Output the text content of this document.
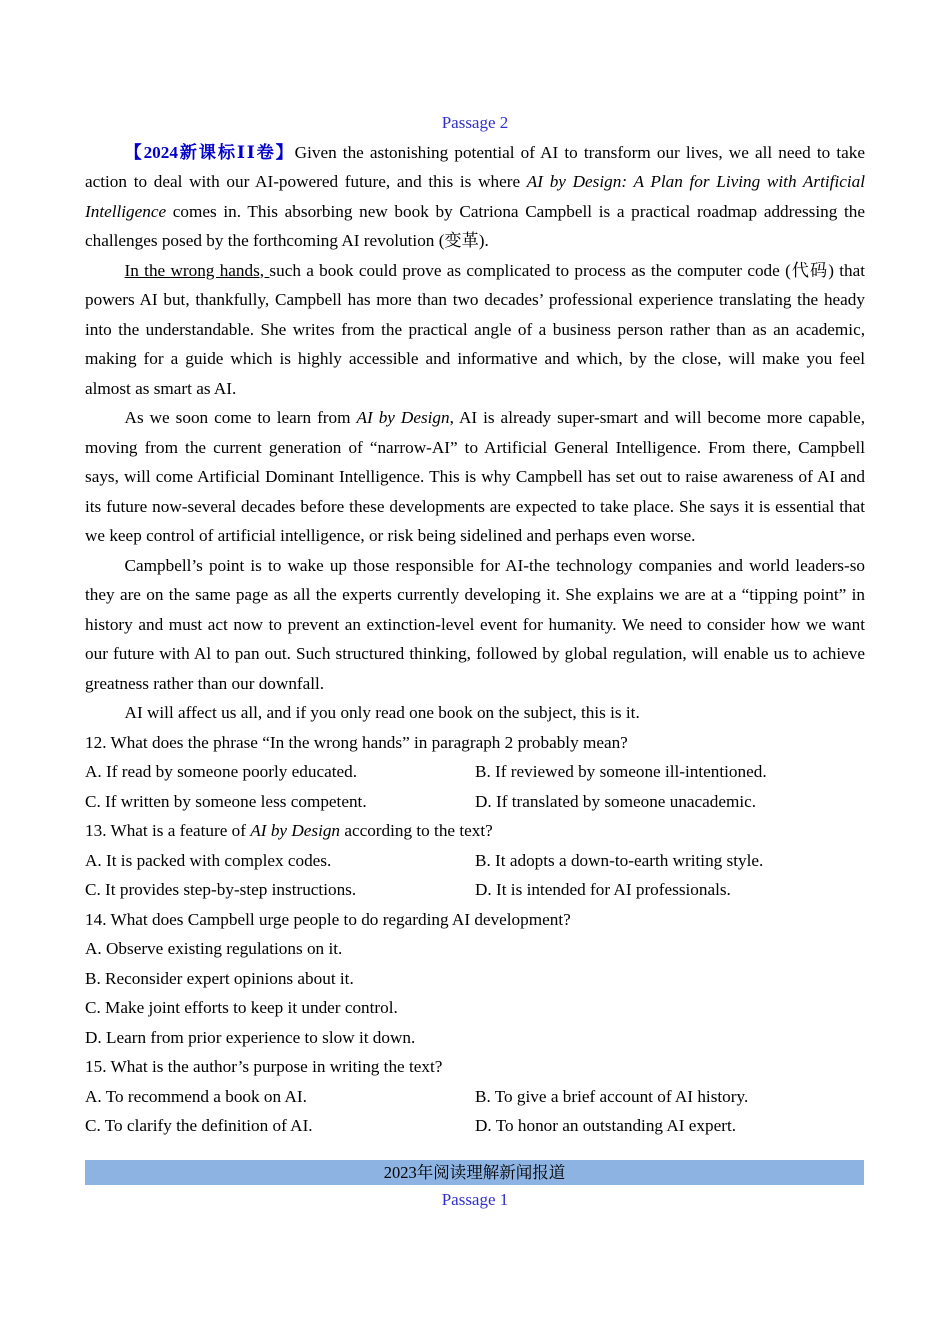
Passage 2

【2024新课标ⅠⅠ卷】Given the astonishing potential of AI to transform our lives, we all need to take action to deal with our AI-powered future, and this is where AI by Design: A Plan for Living with Artificial Intelligence comes in. This absorbing new book by Catriona Campbell is a practical roadmap addressing the challenges posed by the forthcoming AI revolution (变革).

In the wrong hands, such a book could prove as complicated to process as the computer code (代码) that powers AI but, thankfully, Campbell has more than two decades’ professional experience translating the heady into the understandable. She writes from the practical angle of a business person rather than as an academic, making for a guide which is highly accessible and informative and which, by the close, will make you feel almost as smart as AI.

As we soon come to learn from AI by Design, AI is already super-smart and will become more capable, moving from the current generation of “narrow-AI” to Artificial General Intelligence. From there, Campbell says, will come Artificial Dominant Intelligence. This is why Campbell has set out to raise awareness of AI and its future now-several decades before these developments are expected to take place. She says it is essential that we keep control of artificial intelligence, or risk being sidelined and perhaps even worse.

Campbell’s point is to wake up those responsible for AI-the technology companies and world leaders-so they are on the same page as all the experts currently developing it. She explains we are at a “tipping point” in history and must act now to prevent an extinction-level event for humanity. We need to consider how we want our future with Al to pan out. Such structured thinking, followed by global regulation, will enable us to achieve greatness rather than our downfall.

AI will affect us all, and if you only read one book on the subject, this is it.

12. What does the phrase “In the wrong hands” in paragraph 2 probably mean?
A. If read by someone poorly educated.	B. If reviewed by someone ill-intentioned.
C. If written by someone less competent.	D. If translated by someone unacademic.
13. What is a feature of AI by Design according to the text?
A. It is packed with complex codes.	B. It adopts a down-to-earth writing style.
C. It provides step-by-step instructions.	D. It is intended for AI professionals.
14. What does Campbell urge people to do regarding AI development?
A. Observe existing regulations on it.
B. Reconsider expert opinions about it.
C. Make joint efforts to keep it under control.
D. Learn from prior experience to slow it down.
15. What is the author’s purpose in writing the text?
A. To recommend a book on AI.	B. To give a brief account of AI history.
C. To clarify the definition of AI.	D. To honor an outstanding AI expert.
2023年阅读理解新闻报道
Passage 1
